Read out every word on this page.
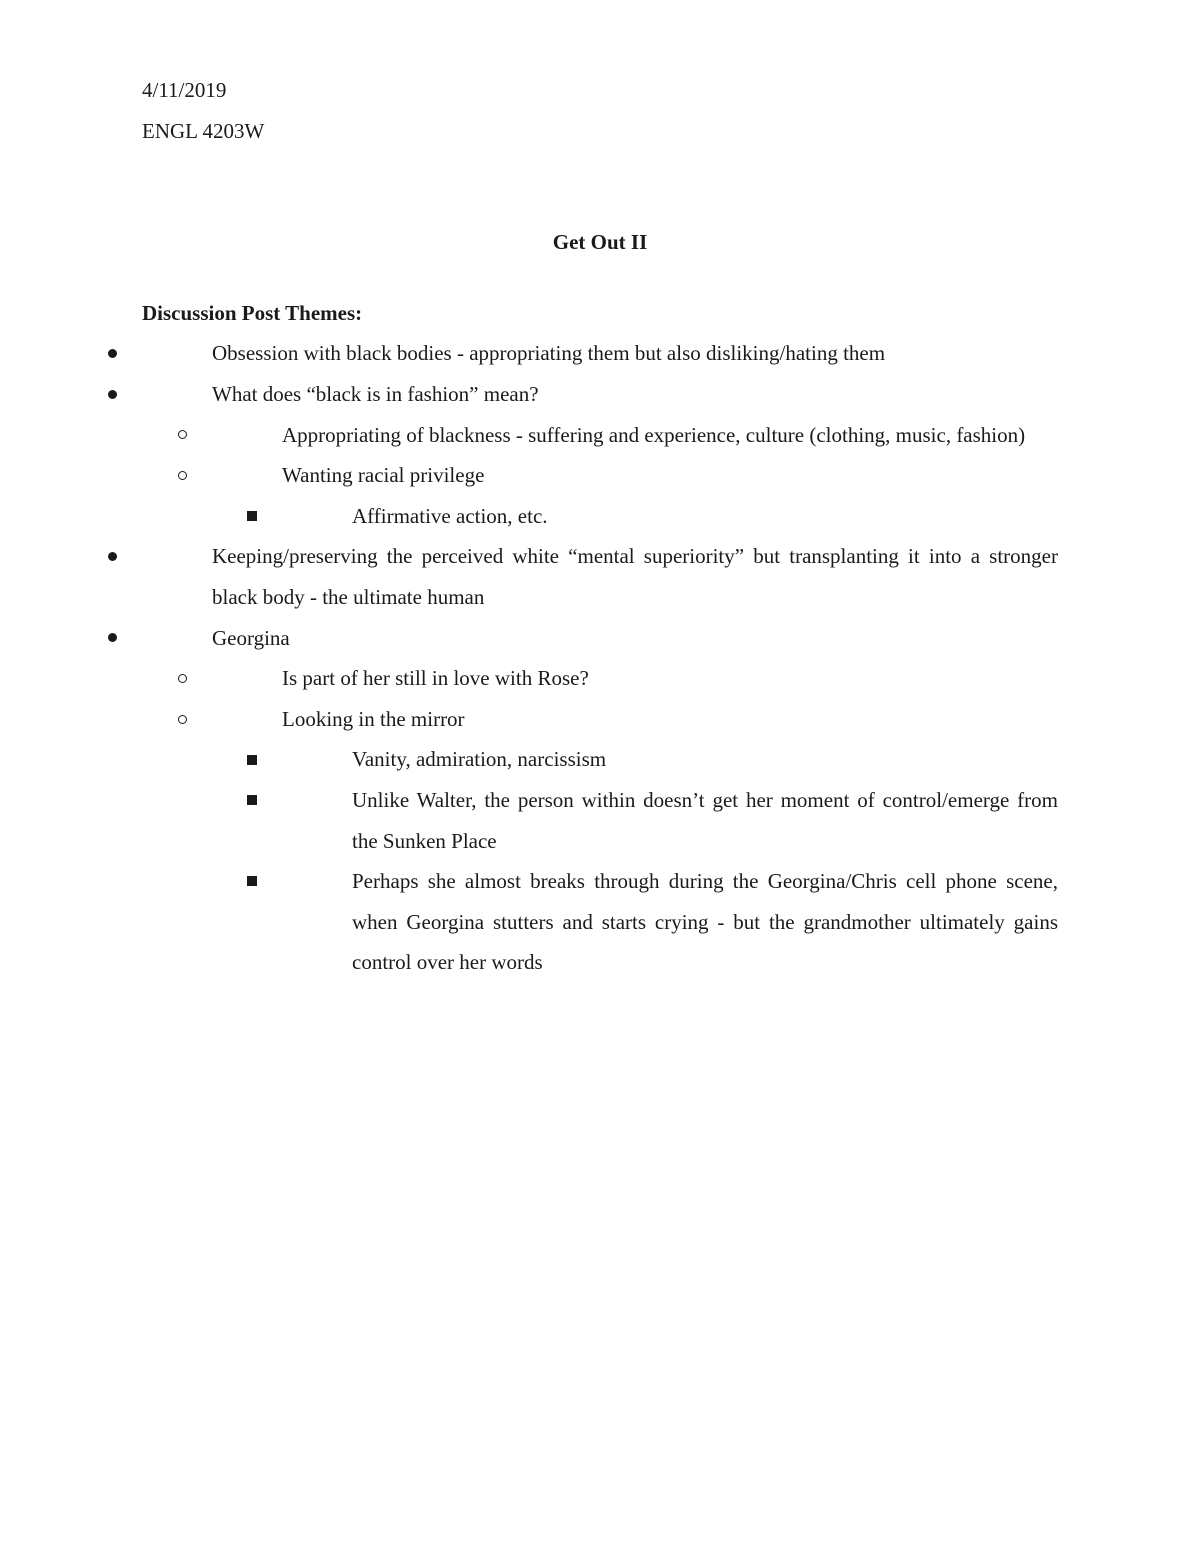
4/11/2019
ENGL 4203W
Get Out II
Discussion Post Themes:
Obsession with black bodies - appropriating them but also disliking/hating them
What does “black is in fashion” mean?
Appropriating of blackness - suffering and experience, culture (clothing, music, fashion)
Wanting racial privilege
Affirmative action, etc.
Keeping/preserving the perceived white “mental superiority” but transplanting it into a stronger black body - the ultimate human
Georgina
Is part of her still in love with Rose?
Looking in the mirror
Vanity, admiration, narcissism
Unlike Walter, the person within doesn’t get her moment of control/emerge from the Sunken Place
Perhaps she almost breaks through during the Georgina/Chris cell phone scene, when Georgina stutters and starts crying - but the grandmother ultimately gains control over her words
